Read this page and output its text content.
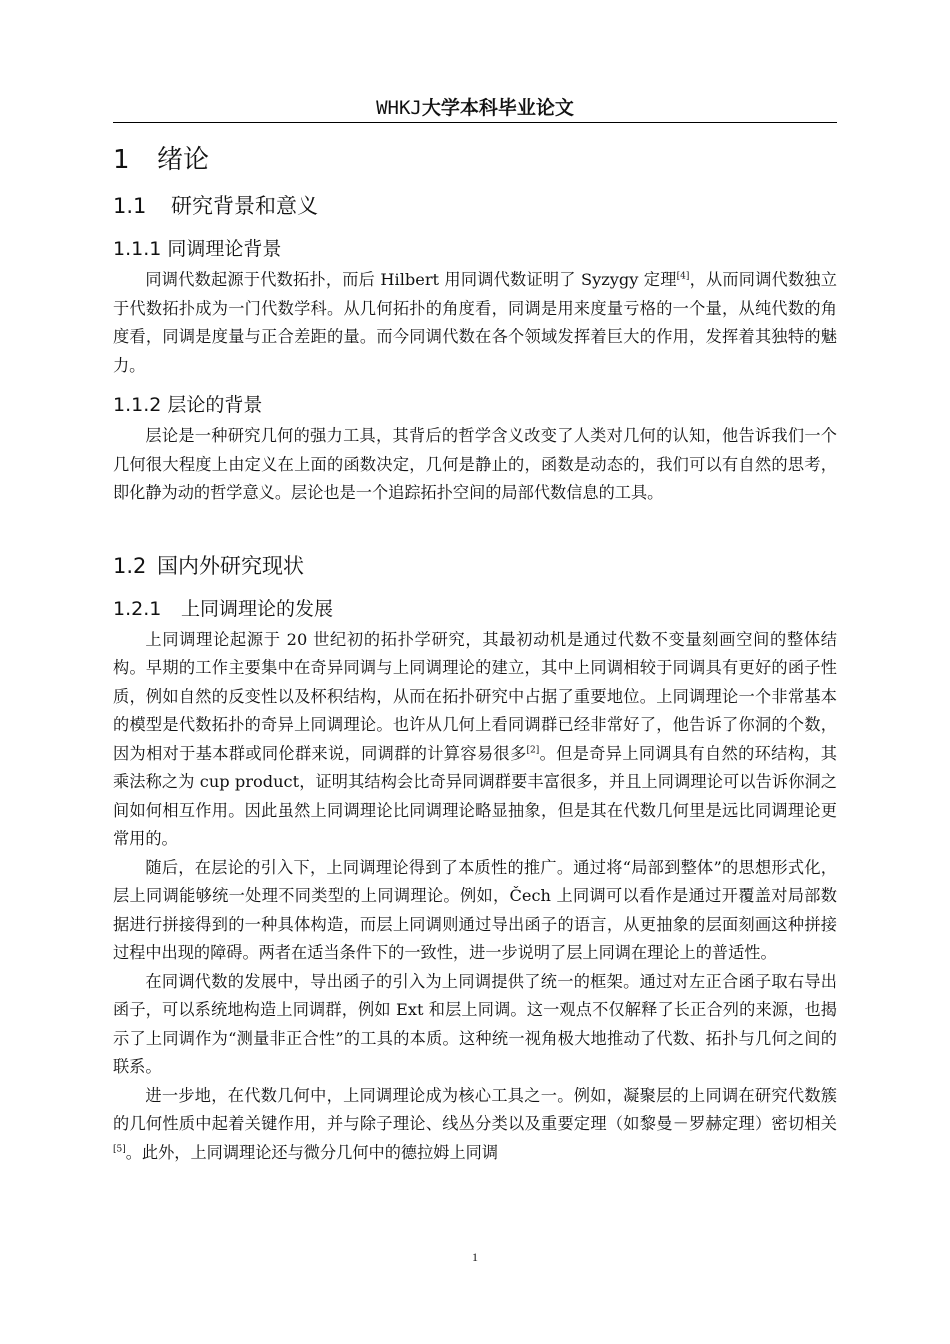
WHKJ大学本科毕业论文
1 绪论
1.1 研究背景和意义
1.1.1 同调理论背景

同调代数起源于代数拓扑，而后 Hilbert 用同调代数证明了 Syzygy 定理[4]，从而同调代数独立于代数拓扑成为一门代数学科。从几何拓扑的角度看，同调是用来度量亏格的一个量，从纯代数的角度看，同调是度量与正合差距的量。而今同调代数在各个领域发挥着巨大的作用，发挥着其独特的魅力。

1.1.2 层论的背景

层论是一种研究几何的强力工具，其背后的哲学含义改变了人类对几何的认知，他告诉我们一个几何很大程度上由定义在上面的函数决定，几何是静止的，函数是动态的，我们可以有自然的思考，即化静为动的哲学意义。层论也是一个追踪拓扑空间的局部代数信息的工具。

1.2 国内外研究现状
1.2.1 上同调理论的发展

上同调理论起源于 20 世纪初的拓扑学研究，其最初动机是通过代数不变量刻画空间的整体结构。早期的工作主要集中在奇异同调与上同调理论的建立，其中上同调相较于同调具有更好的函子性质，例如自然的反变性以及杯积结构，从而在拓扑研究中占据了重要地位。上同调理论一个非常基本的模型是代数拓扑的奇异上同调理论。也许从几何上看同调群已经非常好了，他告诉了你洞的个数，因为相对于基本群或同伦群来说，同调群的计算容易很多[2]。但是奇异上同调具有自然的环结构，其乘法称之为 cup product，证明其结构会比奇异同调群要丰富很多，并且上同调理论可以告诉你洞之间如何相互作用。因此虽然上同调理论比同调理论略显抽象，但是其在代数几何里是远比同调理论更常用的。

随后，在层论的引入下，上同调理论得到了本质性的推广。通过将“局部到整体”的思想形式化，层上同调能够统一处理不同类型的上同调理论。例如，Čech 上同调可以看作是通过开覆盖对局部数据进行拼接得到的一种具体构造，而层上同调则通过导出函子的语言，从更抽象的层面刻画这种拼接过程中出现的障碍。两者在适当条件下的一致性，进一步说明了层上同调在理论上的普适性。

在同调代数的发展中，导出函子的引入为上同调提供了统一的框架。通过对左正合函子取右导出函子，可以系统地构造上同调群，例如 Ext 和层上同调。这一观点不仅解释了长正合列的来源，也揭示了上同调作为“测量非正合性”的工具的本质。这种统一视角极大地推动了代数、拓扑与几何之间的联系。

进一步地，在代数几何中，上同调理论成为核心工具之一。例如，凝聚层的上同调在研究代数簇的几何性质中起着关键作用，并与除子理论、线丛分类以及重要定理（如黎曼－罗赫定理）密切相关[5]。此外，上同调理论还与微分几何中的德拉姆上同调

1
